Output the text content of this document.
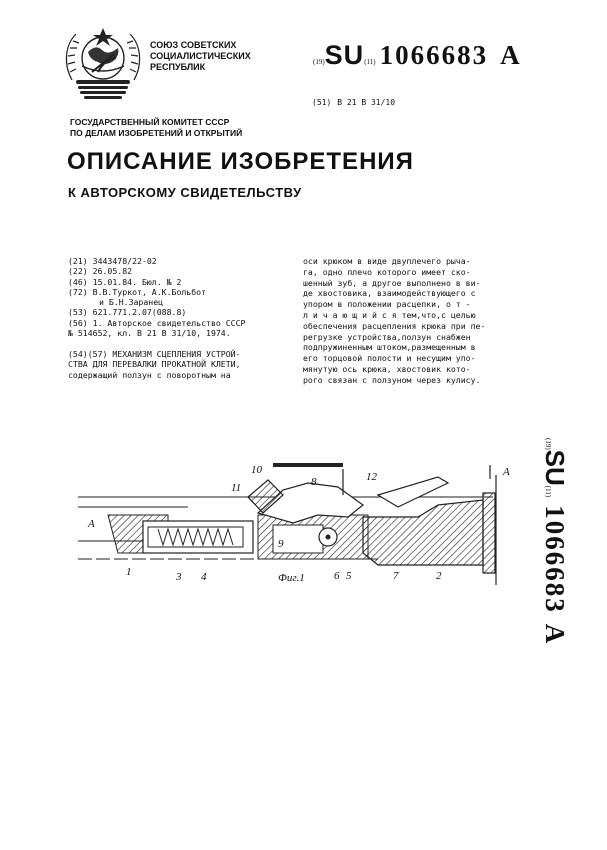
СОЮЗ СОВЕТСКИХ
СОЦИАЛИСТИЧЕСКИХ
РЕСПУБЛИК	(19)SU(11) 1066683 A
(51) В 21 В 31/10
ГОСУДАРСТВЕННЫЙ КОМИТЕТ СССР
ПО ДЕЛАМ ИЗОБРЕТЕНИЙ И ОТКРЫТИЙ
ОПИСАНИЕ ИЗОБРЕТЕНИЯ
К АВТОРСКОМУ СВИДЕТЕЛЬСТВУ
(21) 3443478/22-02
(22) 26.05.82
(46) 15.01.84. Бюл. № 2
(72) В.В.Туркот, А.К.Больбот
и Б.Н.Заранец
(53) 621.771.2.07(088.8)
(56) 1. Авторское свидетельство СССР
№ 514652, кл. В 21 В 31/10, 1974.
(54)(57) МЕХАНИЗМ СЦЕПЛЕНИЯ УСТРОЙ-
СТВА ДЛЯ ПЕРЕВАЛКИ ПРОКАТНОЙ КЛЕТИ,
содержащий ползун с поворотным на
оси крюком в виде двуплечего рыча-
га, одно плечо которого имеет ско-
шенный зуб, а другое выполнено в ви-
де хвостовика, взаимодействующего с
упором в положении расцепки, о т -
л и ч а ю щ и й с я тем,что,с целью
обеспечения расцепления крюка при пе-
регрузке устройства,ползун снабжен
подпружиненным штоком,размещенным в
его торцовой полости и несущим упо-
мянутую ось крюка, хвостовик кото-
рого связан с ползуном через кулису.
(19)SU(11)1066683A
10
8	12
11
9
A
A
1	3 4	Фиг.1	6 5	7	2
